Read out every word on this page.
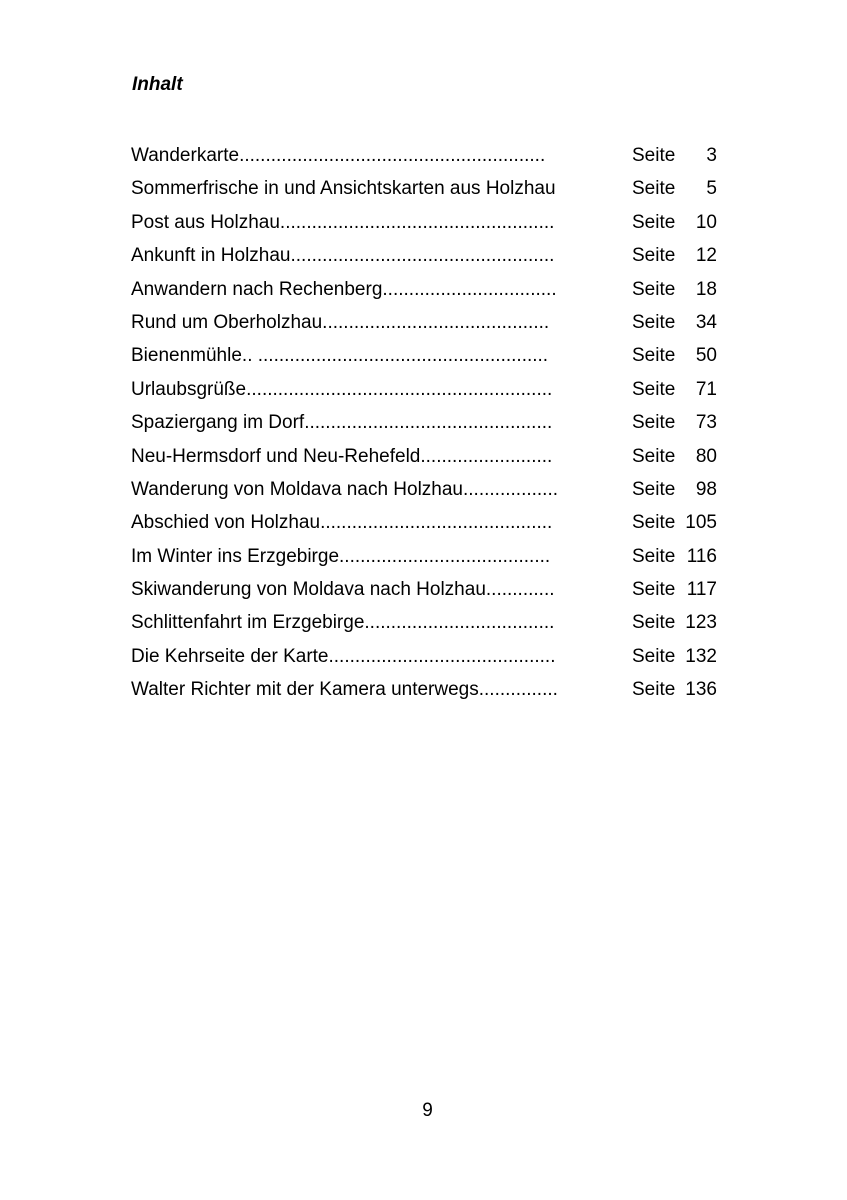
Inhalt
Wanderkarte..........................................................	Seite 3
Sommerfrische in und Ansichtskarten aus Holzhau	Seite 5
Post aus Holzhau....................................................	Seite 10
Ankunft in Holzhau..................................................	Seite 12
Anwandern nach Rechenberg.................................	Seite 18
Rund um Oberholzhau...........................................	Seite 34
Bienenmühle.. .......................................................	Seite 50
Urlaubsgrüße..........................................................	Seite 71
Spaziergang im Dorf...............................................	Seite 73
Neu-Hermsdorf und Neu-Rehefeld.........................	Seite 80
Wanderung von Moldava nach Holzhau..................	Seite 98
Abschied von Holzhau............................................	Seite 105
Im Winter ins Erzgebirge........................................	Seite 116
Skiwanderung von Moldava nach Holzhau.............	Seite 117
Schlittenfahrt im Erzgebirge....................................	Seite 123
Die Kehrseite der Karte...........................................	Seite 132
Walter Richter mit der Kamera unterwegs...............	Seite 136
9
